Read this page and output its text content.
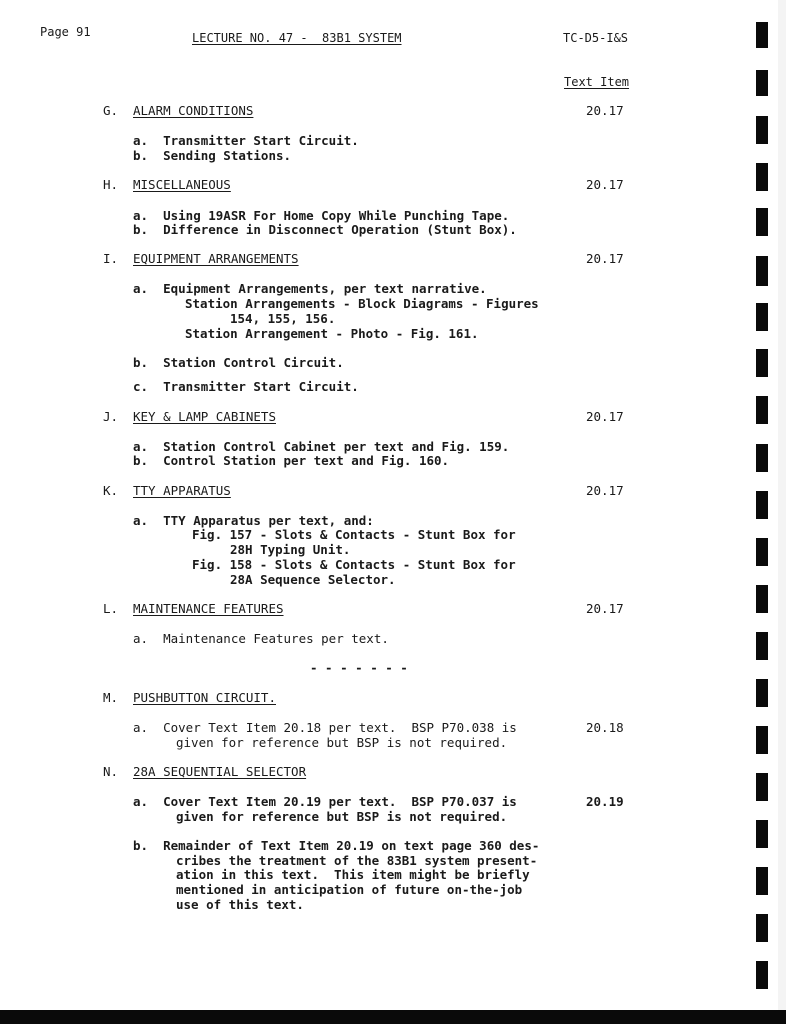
Page 91	LECTURE NO. 47 -  83B1 SYSTEM	TC-D5-I&S
Text Item
G. ALARM CONDITIONS	20.17
a.  Transmitter Start Circuit.
b.  Sending Stations.
H. MISCELLANEOUS	20.17
a.  Using 19ASR For Home Copy While Punching Tape.
b.  Difference in Disconnect Operation (Stunt Box).
I. EQUIPMENT ARRANGEMENTS	20.17
a.  Equipment Arrangements, per text narrative.
Station Arrangements - Block Diagrams - Figures
154, 155, 156.
Station Arrangement - Photo - Fig. 161.
b.  Station Control Circuit.
c.  Transmitter Start Circuit.
J. KEY & LAMP CABINETS	20.17
a.  Station Control Cabinet per text and Fig. 159.
b.  Control Station per text and Fig. 160.
K. TTY APPARATUS	20.17
a.  TTY Apparatus per text, and:
Fig. 157 - Slots & Contacts - Stunt Box for
28H Typing Unit.
Fig. 158 - Slots & Contacts - Stunt Box for
28A Sequence Selector.
L. MAINTENANCE FEATURES	20.17
a.  Maintenance Features per text.
- - - - - - -
M. PUSHBUTTON CIRCUIT.
a.  Cover Text Item 20.18 per text.  BSP P70.038 is	20.18
given for reference but BSP is not required.
N. 28A SEQUENTIAL SELECTOR
a.  Cover Text Item 20.19 per text.  BSP P70.037 is	20.19
given for reference but BSP is not required.
b.  Remainder of Text Item 20.19 on text page 360 des-
cribes the treatment of the 83B1 system present-
ation in this text.  This item might be briefly
mentioned in anticipation of future on-the-job
use of this text.
